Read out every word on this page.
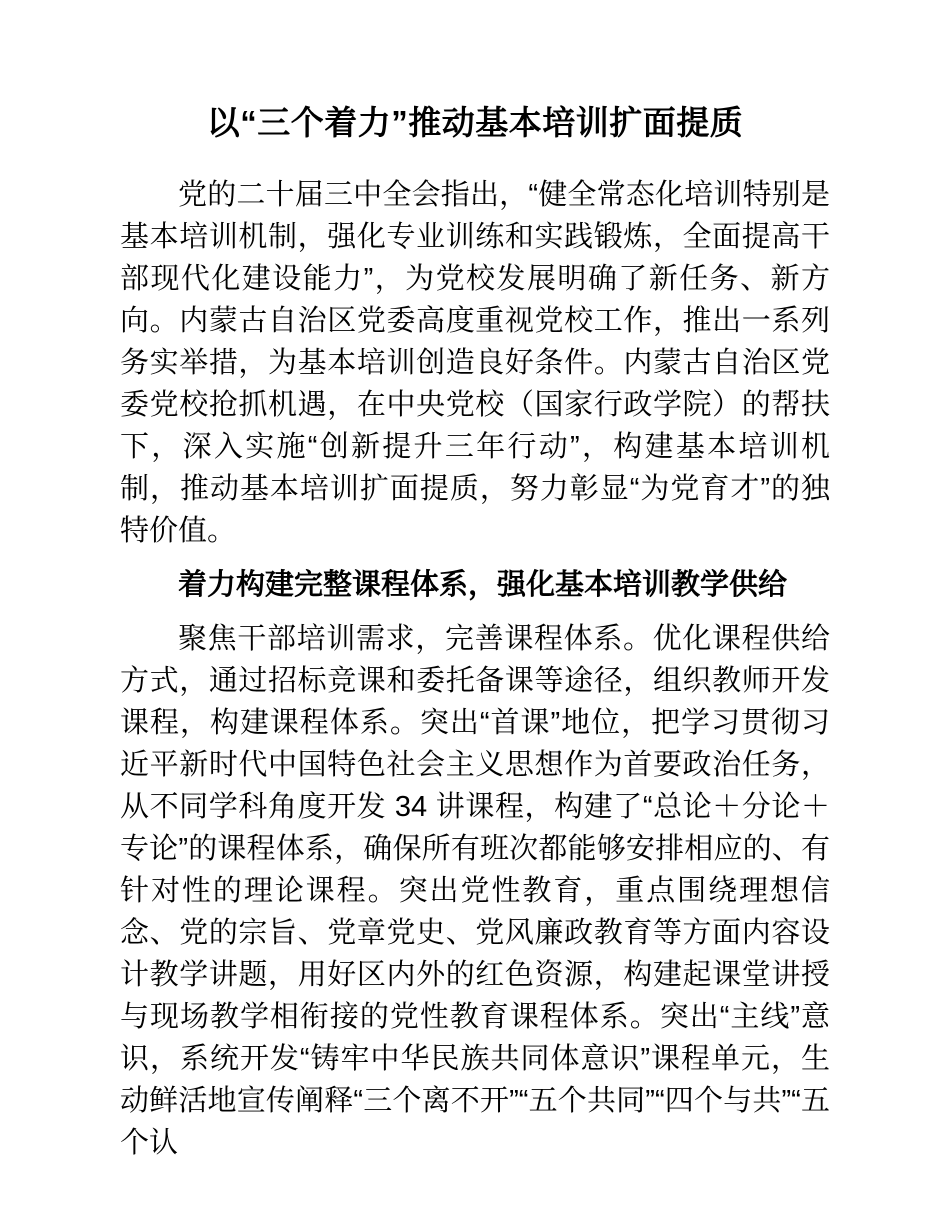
以“三个着力”推动基本培训扩面提质

党的二十届三中全会指出，“健全常态化培训特别是基本培训机制，强化专业训练和实践锻炼，全面提高干部现代化建设能力”，为党校发展明确了新任务、新方向。内蒙古自治区党委高度重视党校工作，推出一系列务实举措，为基本培训创造良好条件。内蒙古自治区党委党校抢抓机遇，在中央党校（国家行政学院）的帮扶下，深入实施“创新提升三年行动”，构建基本培训机制，推动基本培训扩面提质，努力彰显“为党育才”的独特价值。

着力构建完整课程体系，强化基本培训教学供给

聚焦干部培训需求，完善课程体系。优化课程供给方式，通过招标竞课和委托备课等途径，组织教师开发课程，构建课程体系。突出“首课”地位，把学习贯彻习近平新时代中国特色社会主义思想作为首要政治任务，从不同学科角度开发 34 讲课程，构建了“总论＋分论＋专论”的课程体系，确保所有班次都能够安排相应的、有针对性的理论课程。突出党性教育，重点围绕理想信念、党的宗旨、党章党史、党风廉政教育等方面内容设计教学讲题，用好区内外的红色资源，构建起课堂讲授与现场教学相衔接的党性教育课程体系。突出“主线”意识，系统开发“铸牢中华民族共同体意识”课程单元，生动鲜活地宣传阐释“三个离不开”“五个共同”“四个与共”“五个认
